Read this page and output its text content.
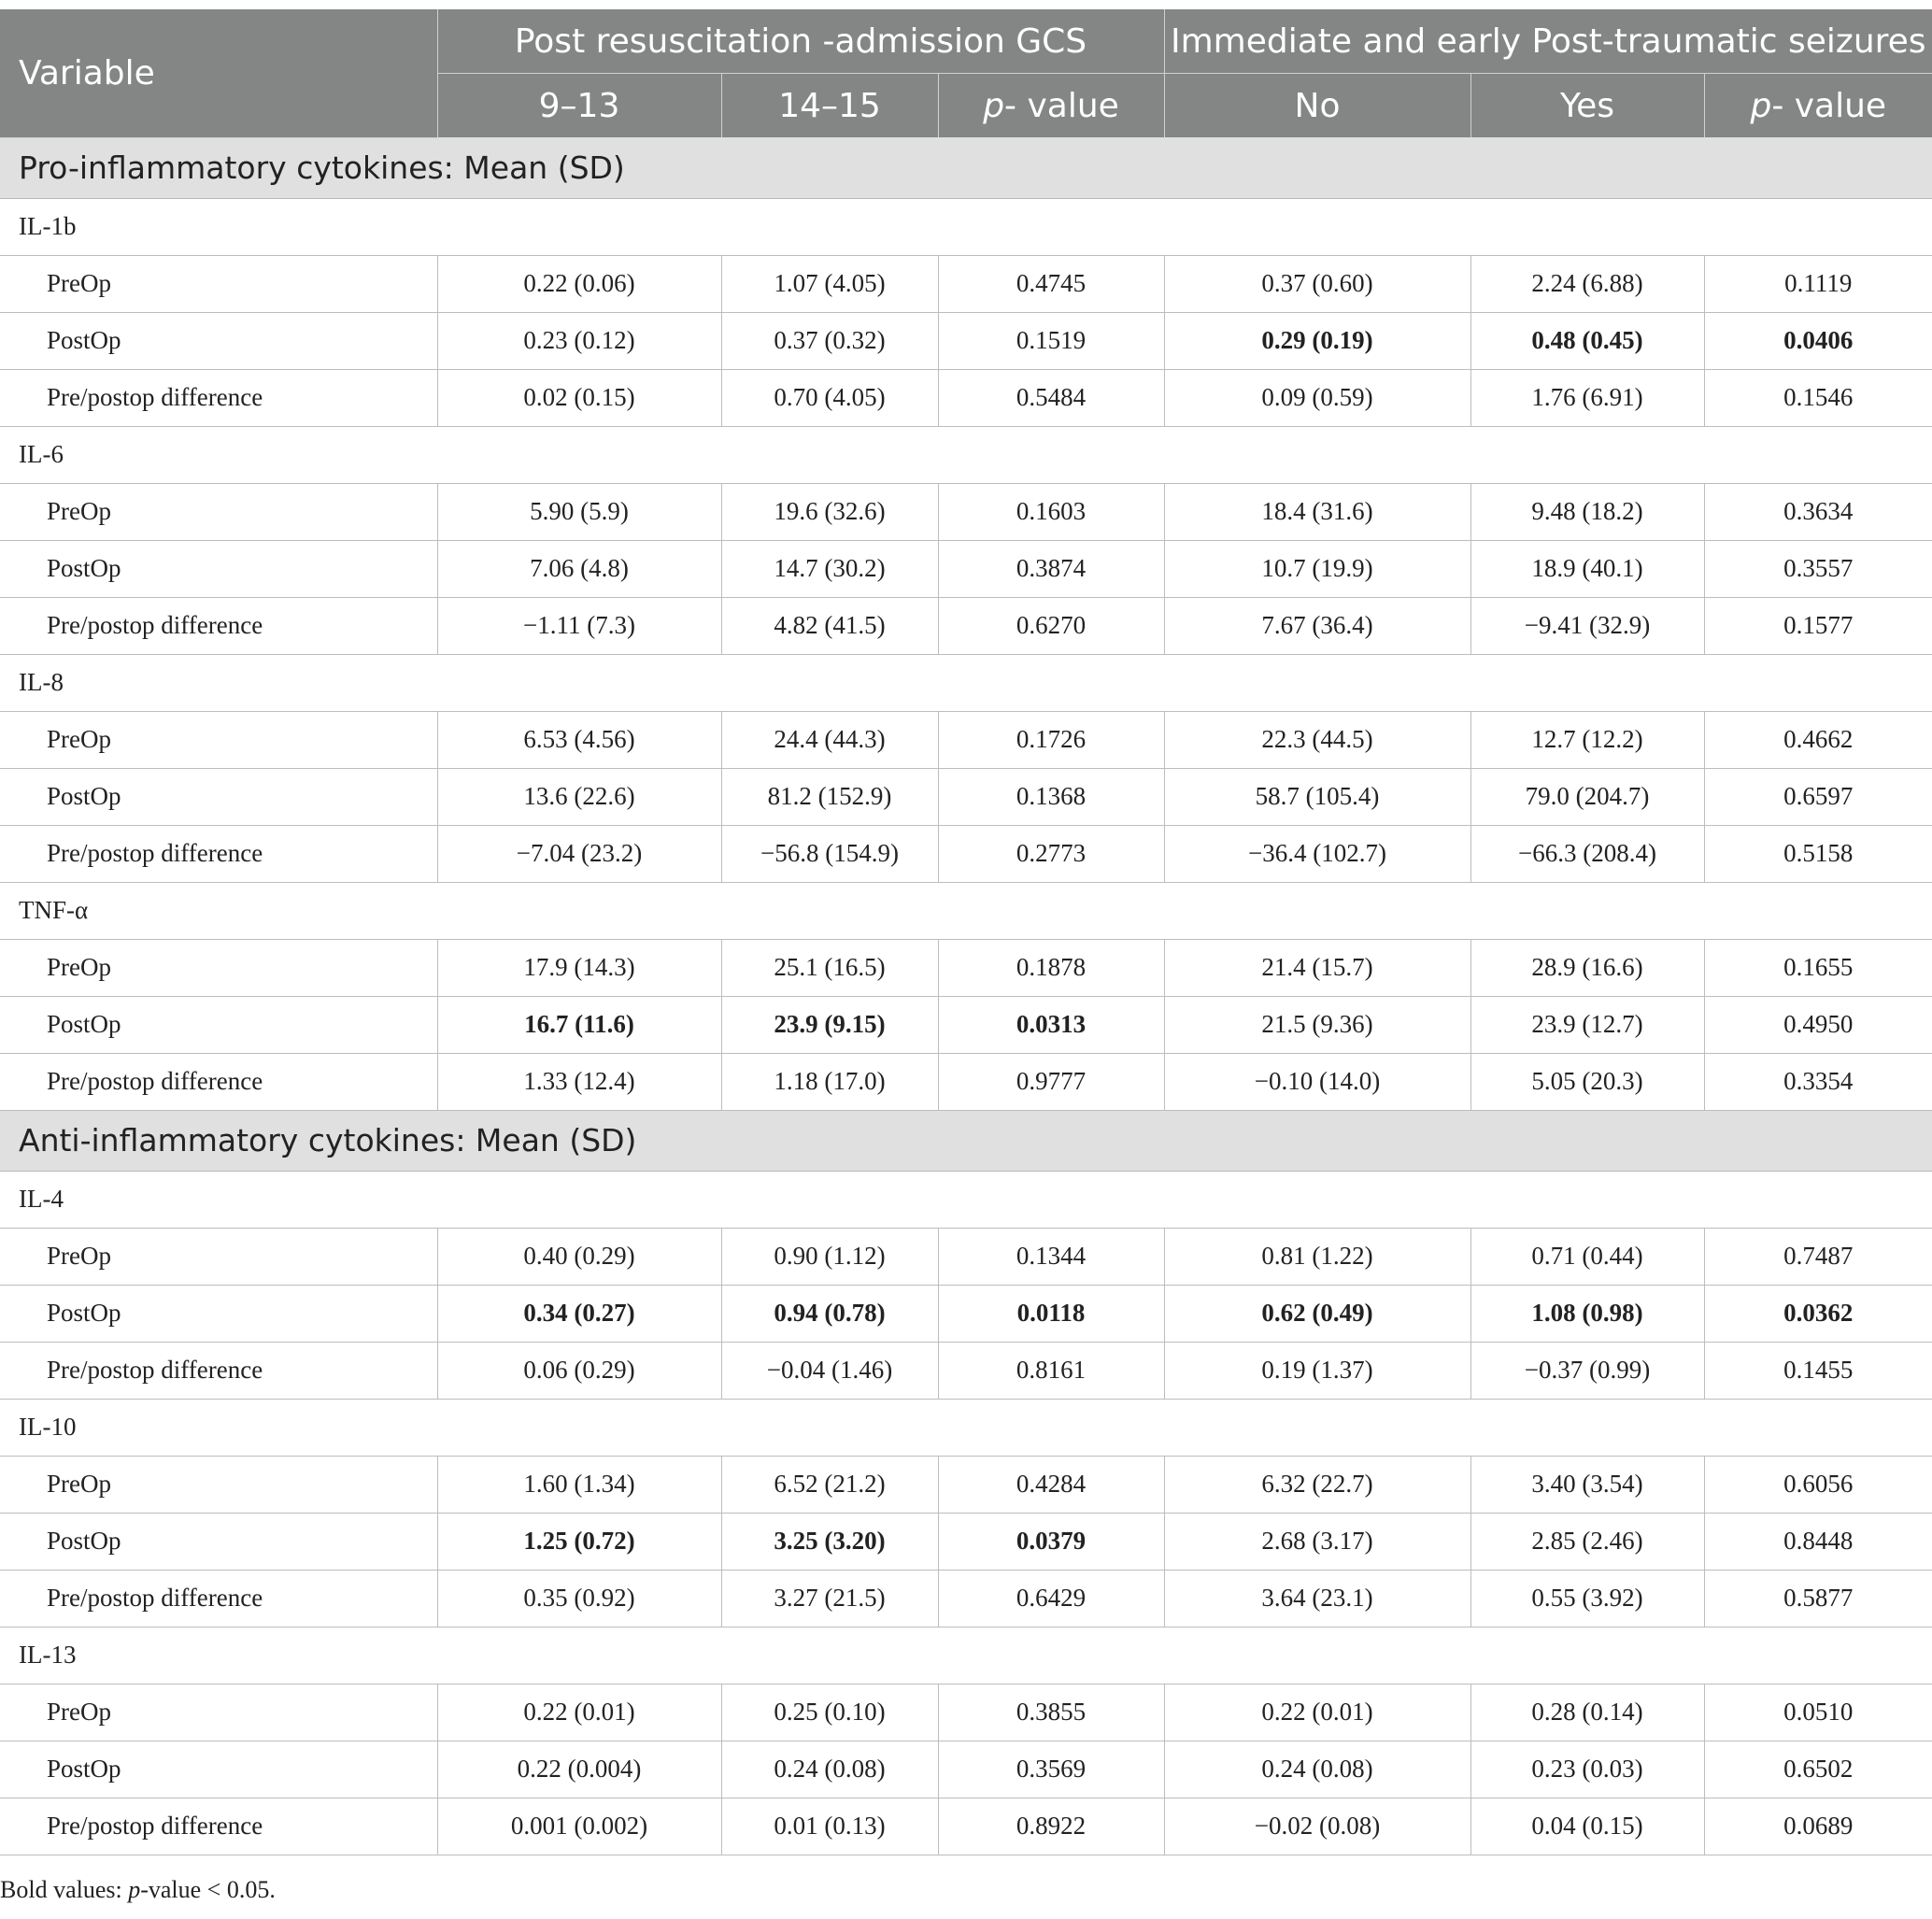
Variable	Post resuscitation -admission GCS			Immediate and early Post-traumatic seizures		
	9–13	14–15	p- value	No	Yes	p- value
Pro-inflammatory cytokines: Mean (SD)						
IL-1b						
PreOp	0.22 (0.06)	1.07 (4.05)	0.4745	0.37 (0.60)	2.24 (6.88)	0.1119
PostOp	0.23 (0.12)	0.37 (0.32)	0.1519	0.29 (0.19)	0.48 (0.45)	0.0406
Pre/postop difference	0.02 (0.15)	0.70 (4.05)	0.5484	0.09 (0.59)	1.76 (6.91)	0.1546
IL-6						
PreOp	5.90 (5.9)	19.6 (32.6)	0.1603	18.4 (31.6)	9.48 (18.2)	0.3634
PostOp	7.06 (4.8)	14.7 (30.2)	0.3874	10.7 (19.9)	18.9 (40.1)	0.3557
Pre/postop difference	−1.11 (7.3)	4.82 (41.5)	0.6270	7.67 (36.4)	−9.41 (32.9)	0.1577
IL-8						
PreOp	6.53 (4.56)	24.4 (44.3)	0.1726	22.3 (44.5)	12.7 (12.2)	0.4662
PostOp	13.6 (22.6)	81.2 (152.9)	0.1368	58.7 (105.4)	79.0 (204.7)	0.6597
Pre/postop difference	−7.04 (23.2)	−56.8 (154.9)	0.2773	−36.4 (102.7)	−66.3 (208.4)	0.5158
TNF-α						
PreOp	17.9 (14.3)	25.1 (16.5)	0.1878	21.4 (15.7)	28.9 (16.6)	0.1655
PostOp	16.7 (11.6)	23.9 (9.15)	0.0313	21.5 (9.36)	23.9 (12.7)	0.4950
Pre/postop difference	1.33 (12.4)	1.18 (17.0)	0.9777	−0.10 (14.0)	5.05 (20.3)	0.3354
Anti-inflammatory cytokines: Mean (SD)						
IL-4						
PreOp	0.40 (0.29)	0.90 (1.12)	0.1344	0.81 (1.22)	0.71 (0.44)	0.7487
PostOp	0.34 (0.27)	0.94 (0.78)	0.0118	0.62 (0.49)	1.08 (0.98)	0.0362
Pre/postop difference	0.06 (0.29)	−0.04 (1.46)	0.8161	0.19 (1.37)	−0.37 (0.99)	0.1455
IL-10						
PreOp	1.60 (1.34)	6.52 (21.2)	0.4284	6.32 (22.7)	3.40 (3.54)	0.6056
PostOp	1.25 (0.72)	3.25 (3.20)	0.0379	2.68 (3.17)	2.85 (2.46)	0.8448
Pre/postop difference	0.35 (0.92)	3.27 (21.5)	0.6429	3.64 (23.1)	0.55 (3.92)	0.5877
IL-13						
PreOp	0.22 (0.01)	0.25 (0.10)	0.3855	0.22 (0.01)	0.28 (0.14)	0.0510
PostOp	0.22 (0.004)	0.24 (0.08)	0.3569	0.24 (0.08)	0.23 (0.03)	0.6502
Pre/postop difference	0.001 (0.002)	0.01 (0.13)	0.8922	−0.02 (0.08)	0.04 (0.15)	0.0689
Bold values: p-value < 0.05.
